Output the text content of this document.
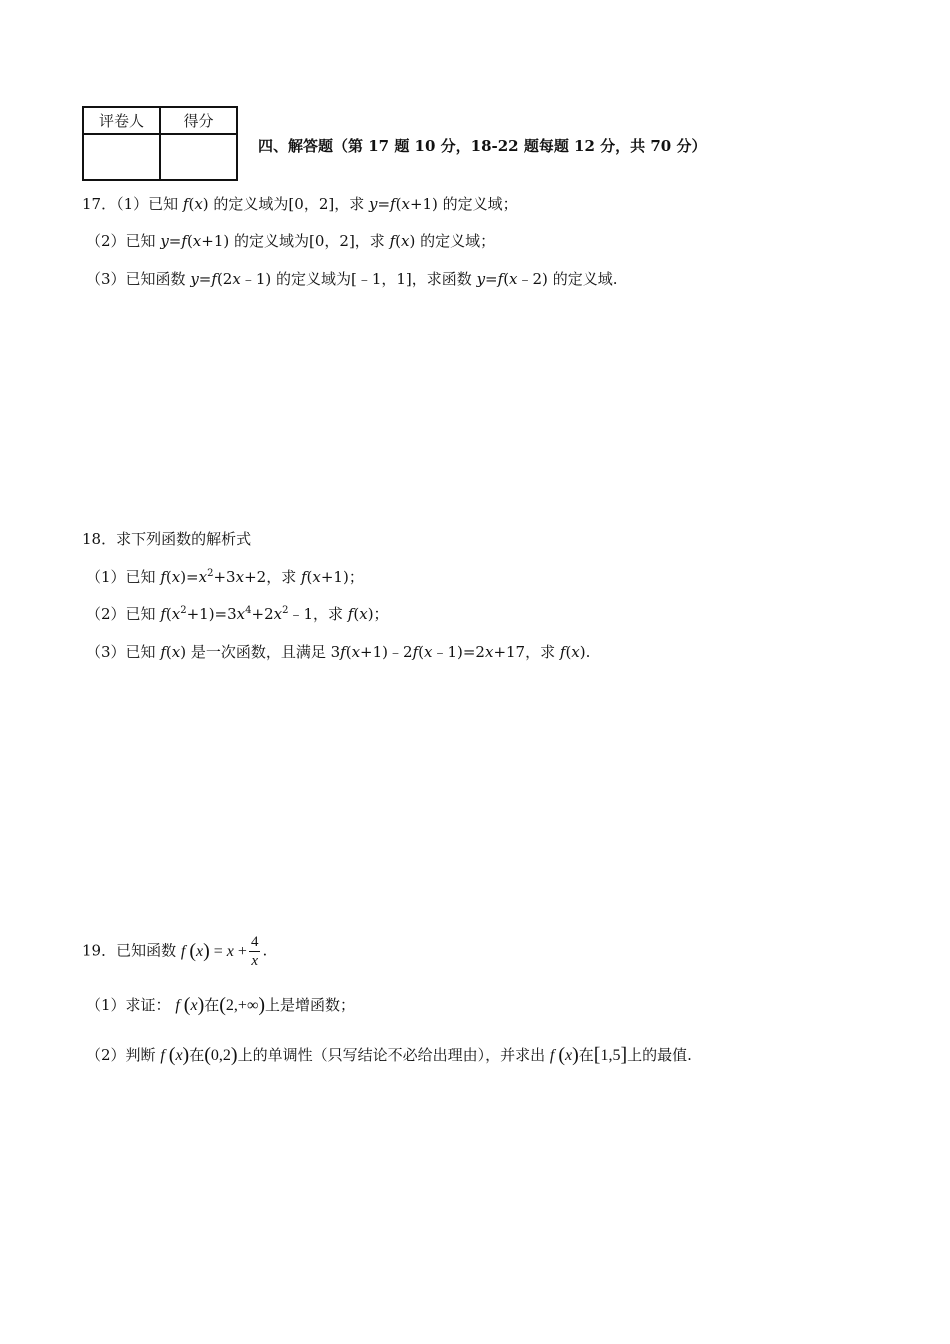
评卷人	得分

四、解答题（第 17 题 10 分，18-22 题每题 12 分，共 70 分）
17．（1）已知 f(x) 的定义域为[0，2]，求 y=f(x+1) 的定义域；
（2）已知 y=f(x+1) 的定义域为[0，2]，求 f(x) 的定义域；
（3）已知函数 y=f(2x﹣1) 的定义域为[﹣1，1]，求函数 y=f(x﹣2) 的定义域.
18．求下列函数的解析式
（1）已知 $f(x)=x^2+3x+2$，求 f(x+1)；
（2）已知 $f(x^2+1)=3x^4+2x^2﹣1$，求 f(x)；
（3）已知 f(x) 是一次函数，且满足 3f(x+1)﹣2f(x﹣1)=2x+17，求 f(x).
19．已知函数 f $(x) = x + \frac{4}{x}$ .
（1）求证： f (x)在(2,+∞)上是增函数；
（2）判断 f (x)在(0,2)上的单调性（只写结论不必给出理由），并求出 f (x)在[1,5]上的最值.
